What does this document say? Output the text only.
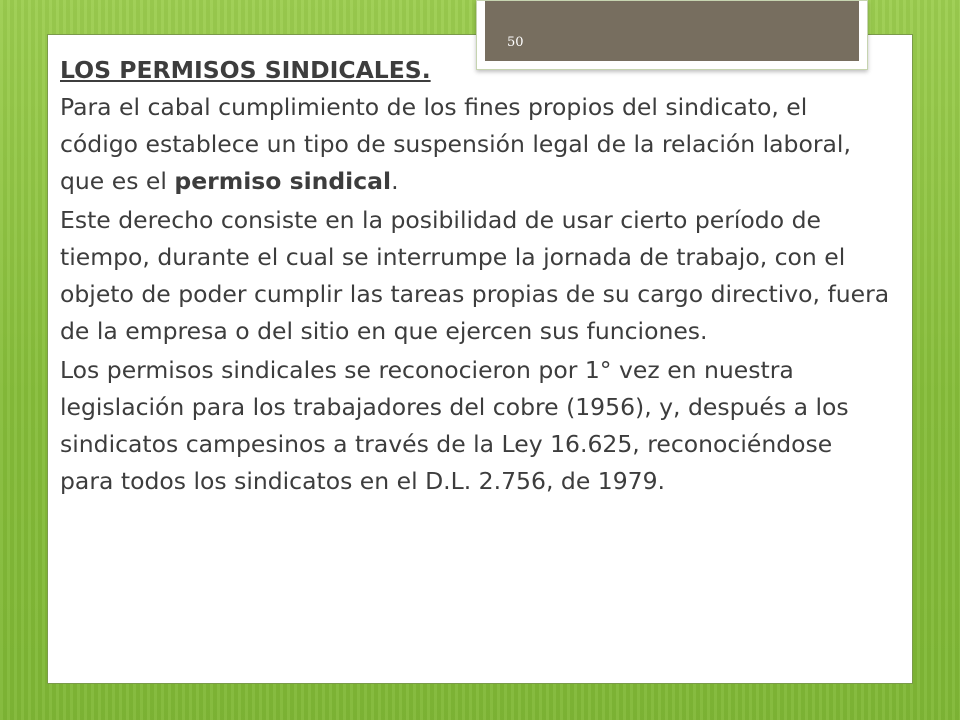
50

LOS PERMISOS SINDICALES.

Para el cabal cumplimiento de los fines propios del sindicato, el código establece un tipo de suspensión legal de la relación laboral, que es el permiso sindical.

Este derecho consiste en la posibilidad de usar cierto período de tiempo, durante el cual se interrumpe la jornada de trabajo, con el objeto de poder cumplir las tareas propias de su cargo directivo, fuera de la empresa o del sitio en que ejercen sus funciones.

Los permisos sindicales se reconocieron por 1° vez en nuestra legislación para los trabajadores del cobre (1956), y, después a los sindicatos campesinos a través de la Ley 16.625, reconociéndose para todos los sindicatos en el D.L. 2.756, de 1979.
